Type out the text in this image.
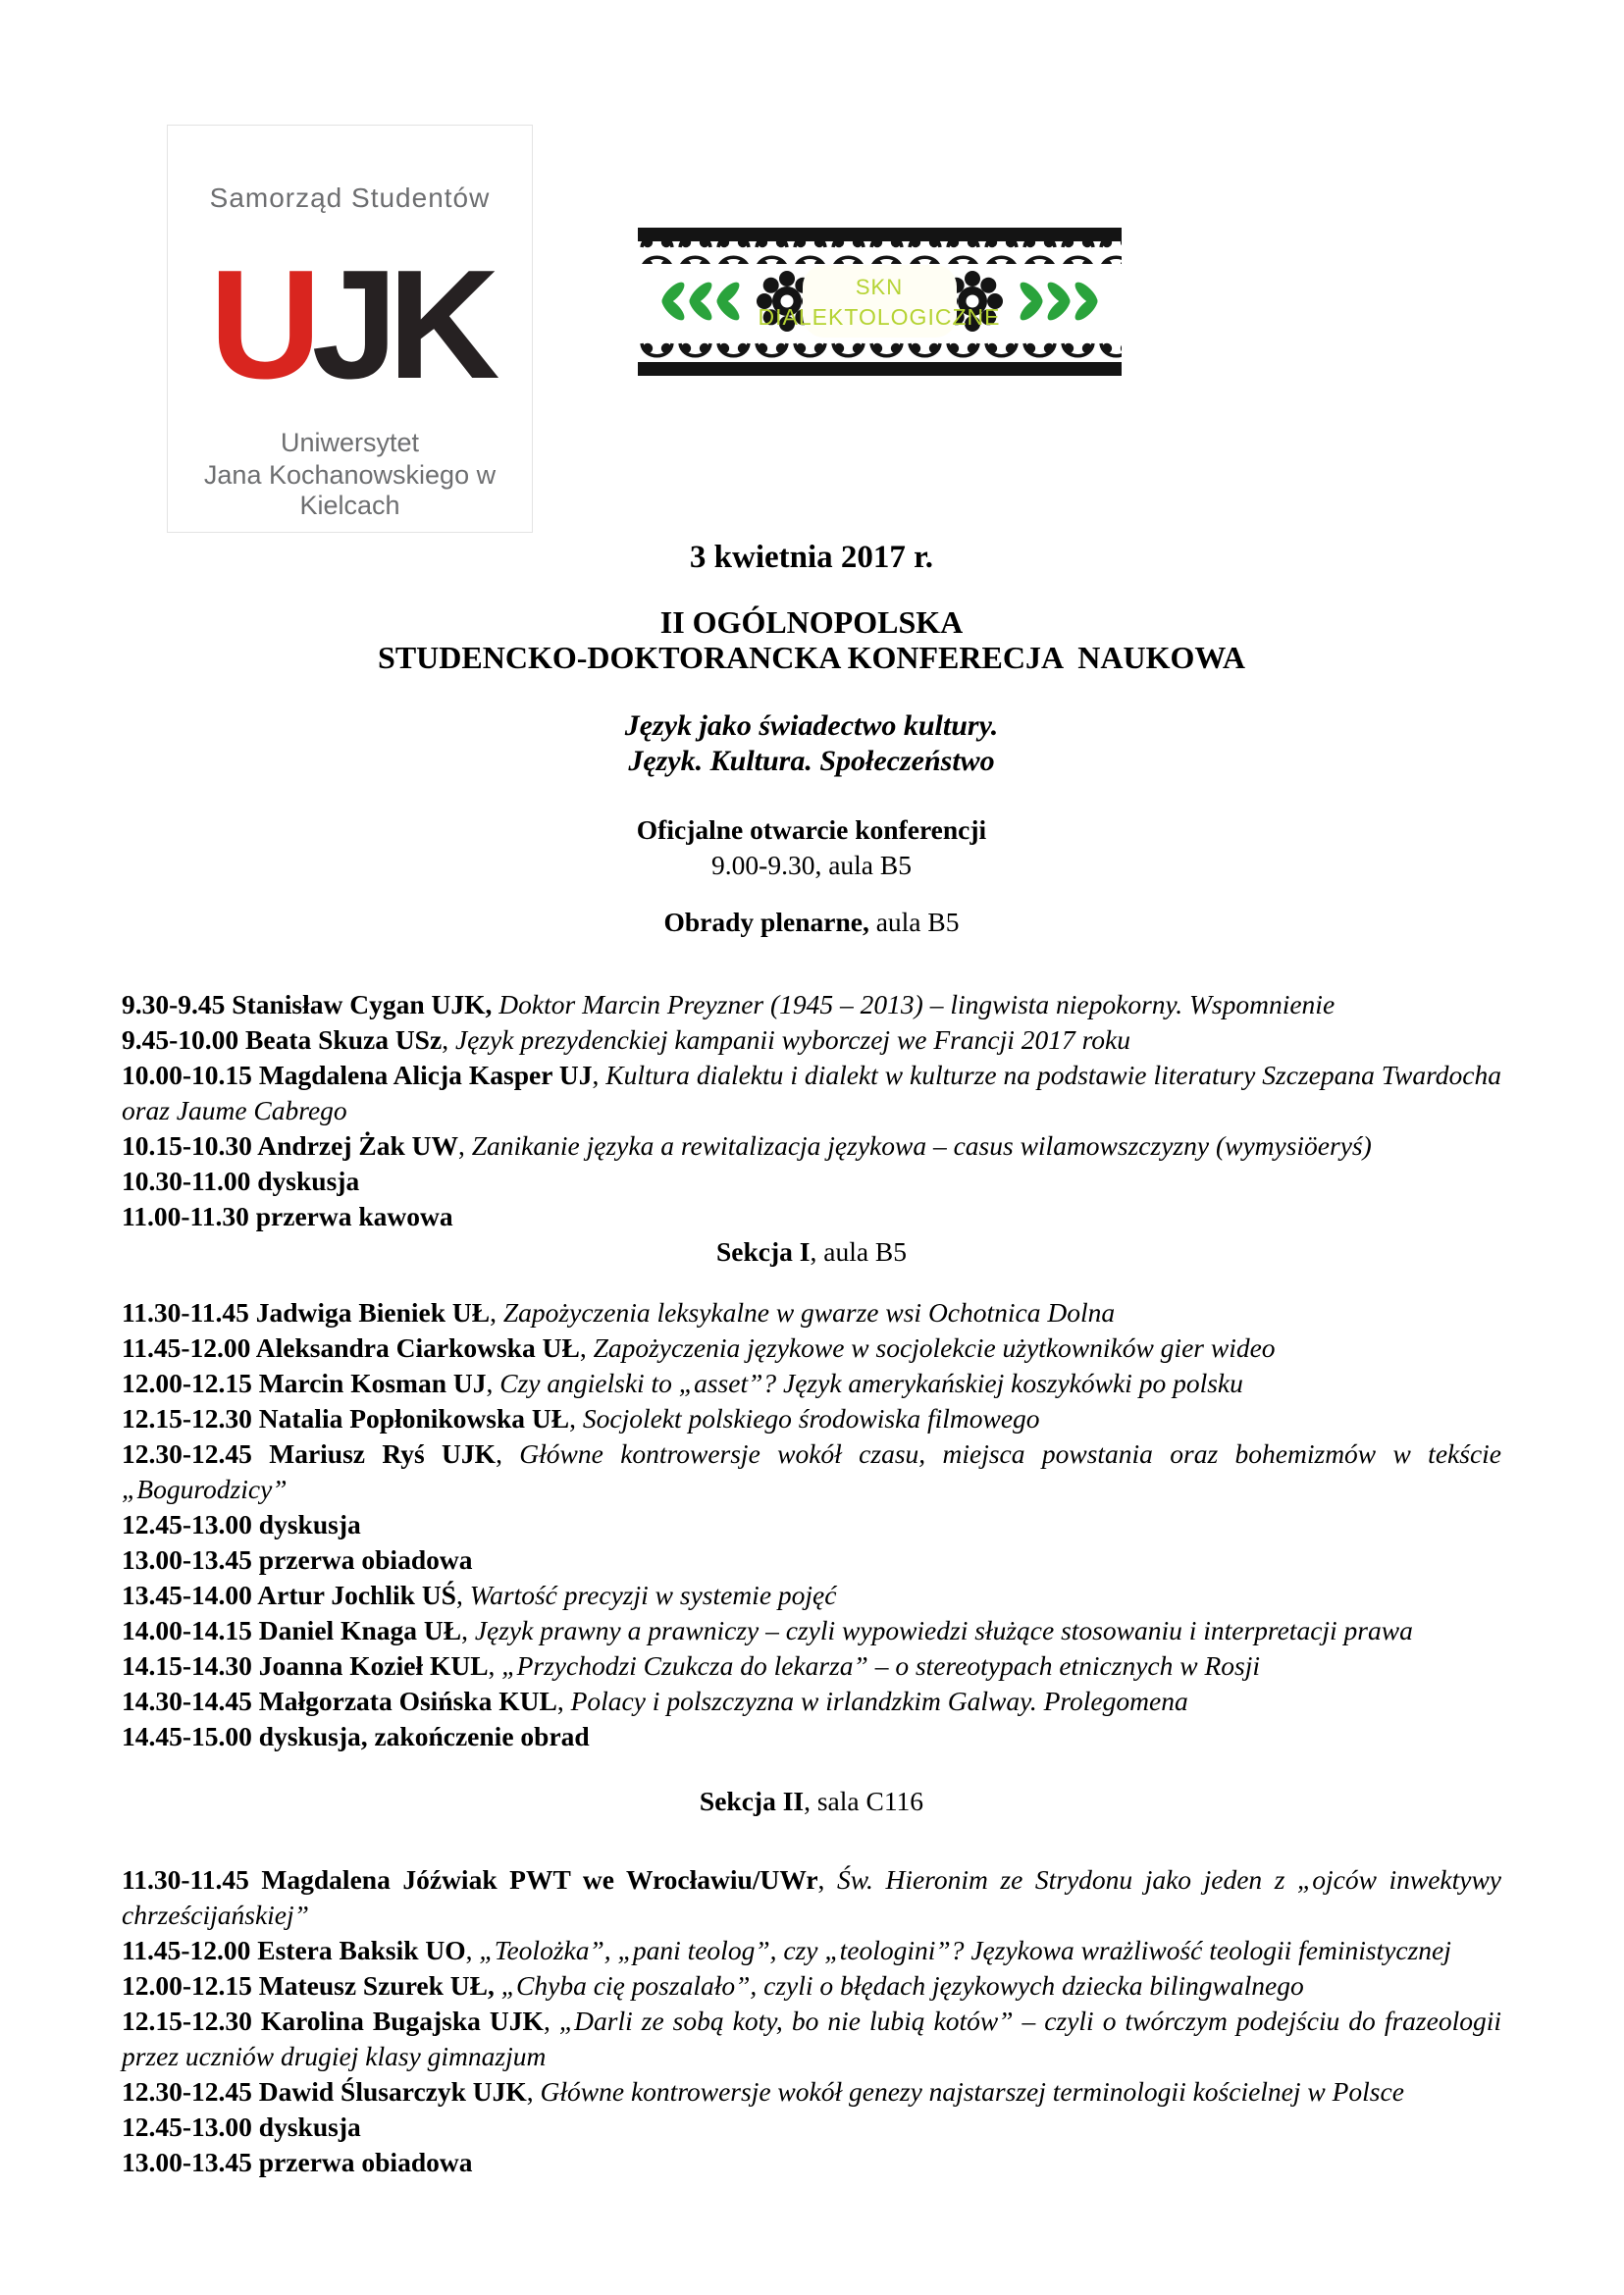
Samorząd Studentów
UJK
Uniwersytet
Jana Kochanowskiego w Kielcach
SKN
DIALEKTOLOGICZNE
3 kwietnia 2017 r.
II OGÓLNOPOLSKA
STUDENCKO-DOKTORANCKA KONFERECJA  NAUKOWA
Język jako świadectwo kultury.
Język. Kultura. Społeczeństwo
Oficjalne otwarcie konferencji
9.00-9.30, aula B5
Obrady plenarne, aula B5

9.30-9.45 Stanisław Cygan UJK, Doktor Marcin Preyzner (1945 – 2013) – lingwista niepokorny. Wspomnienie

9.45-10.00 Beata Skuza USz, Język prezydenckiej kampanii wyborczej we Francji 2017 roku

10.00-10.15 Magdalena Alicja Kasper UJ, Kultura dialektu i dialekt w kulturze na podstawie literatury Szczepana Twardocha oraz Jaume Cabrego

10.15-10.30 Andrzej Żak UW, Zanikanie języka a rewitalizacja językowa – casus wilamowszczyzny (wymysiöeryś)

10.30-11.00 dyskusja

11.00-11.30 przerwa kawowa

Sekcja I, aula B5

11.30-11.45 Jadwiga Bieniek UŁ, Zapożyczenia leksykalne w gwarze wsi Ochotnica Dolna

11.45-12.00 Aleksandra Ciarkowska UŁ, Zapożyczenia językowe w socjolekcie użytkowników gier wideo

12.00-12.15 Marcin Kosman UJ, Czy angielski to „asset”? Język amerykańskiej koszykówki po polsku

12.15-12.30 Natalia Popłonikowska UŁ, Socjolekt polskiego środowiska filmowego

12.30-12.45 Mariusz Ryś UJK, Główne kontrowersje wokół czasu, miejsca powstania oraz bohemizmów w tekście „Bogurodzicy”

12.45-13.00 dyskusja

13.00-13.45 przerwa obiadowa

13.45-14.00 Artur Jochlik UŚ, Wartość precyzji w systemie pojęć

14.00-14.15 Daniel Knaga UŁ, Język prawny a prawniczy – czyli wypowiedzi służące stosowaniu i interpretacji prawa

14.15-14.30 Joanna Kozieł KUL, „Przychodzi Czukcza do lekarza” – o stereotypach etnicznych w Rosji

14.30-14.45 Małgorzata Osińska KUL, Polacy i polszczyzna w irlandzkim Galway. Prolegomena

14.45-15.00 dyskusja, zakończenie obrad

Sekcja II, sala C116

11.30-11.45 Magdalena Jóźwiak PWT we Wrocławiu/UWr, Św. Hieronim ze Strydonu jako jeden z „ojców inwektywy chrześcijańskiej”

11.45-12.00 Estera Baksik UO, „Teolożka”, „pani teolog”, czy „teologini”? Językowa wrażliwość teologii feministycznej

12.00-12.15 Mateusz Szurek UŁ, „Chyba cię poszalało”, czyli o błędach językowych dziecka bilingwalnego

12.15-12.30 Karolina Bugajska UJK, „Darli ze sobą koty, bo nie lubią kotów” – czyli o twórczym podejściu do frazeologii przez uczniów drugiej klasy gimnazjum

12.30-12.45 Dawid Ślusarczyk UJK, Główne kontrowersje wokół genezy najstarszej terminologii kościelnej w Polsce

12.45-13.00 dyskusja

13.00-13.45 przerwa obiadowa
